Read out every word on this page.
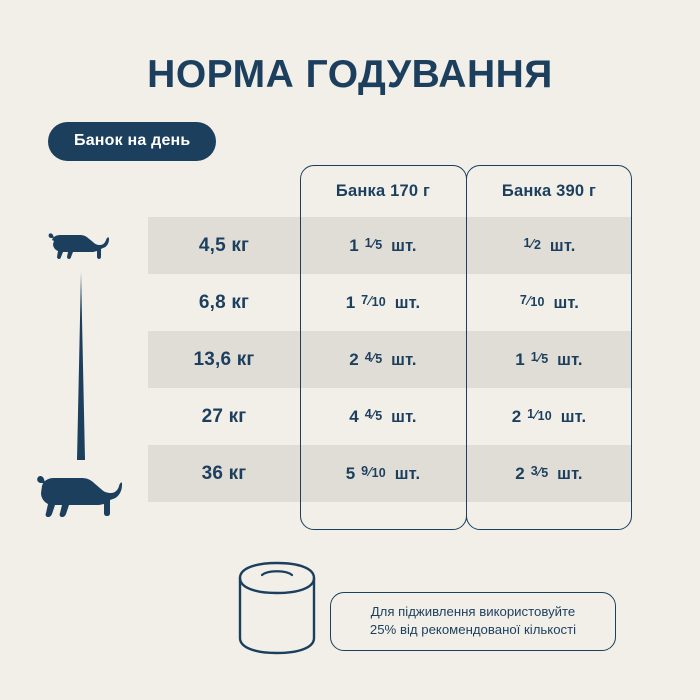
НОРМА ГОДУВАННЯ
Банок на день
Банка 170 г	Банка 390 г
4,5 кг	1 1⁄5 шт.	1⁄2 шт.
6,8 кг	1 7⁄10 шт.	7⁄10 шт.
13,6 кг	2 4⁄5 шт.	1 1⁄5 шт.
27 кг	4 4⁄5 шт.	2 1⁄10 шт.
36 кг	5 9⁄10 шт.	2 3⁄5 шт.
Для підживлення використовуйте
25% від рекомендованої кількості
